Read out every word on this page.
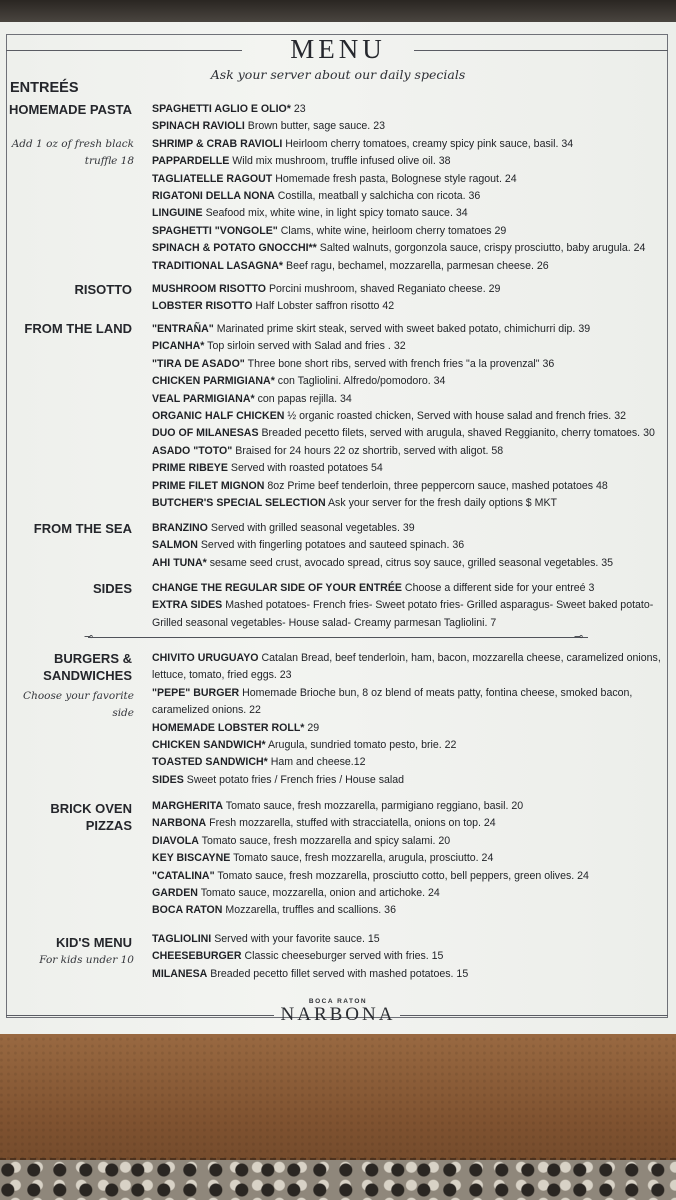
MENU
Ask your server about our daily specials
ENTREÉS
HOMEMADE PASTA
Add 1 oz of fresh black truffle 18
SPAGHETTI AGLIO E OLIO* 23
SPINACH RAVIOLI Brown butter, sage sauce. 23
SHRIMP & CRAB RAVIOLI Heirloom cherry tomatoes, creamy spicy pink sauce, basil. 34
PAPPARDELLE Wild mix mushroom, truffle infused olive oil. 38
TAGLIATELLE RAGOUT Homemade fresh pasta, Bolognese style ragout. 24
RIGATONI DELLA NONA Costilla, meatball y salchicha con ricota. 36
LINGUINE Seafood mix, white wine, in light spicy tomato sauce. 34
SPAGHETTI "VONGOLE" Clams, white wine, heirloom cherry tomatoes 29
SPINACH & POTATO GNOCCHI** Salted walnuts, gorgonzola sauce, crispy prosciutto, baby arugula. 24
TRADITIONAL LASAGNA* Beef ragu, bechamel, mozzarella, parmesan cheese. 26
RISOTTO MUSHROOM RISOTTO Porcini mushroom, shaved Reganiato cheese. 29
LOBSTER RISOTTO Half Lobster saffron risotto 42
FROM THE LAND "ENTRAÑA" Marinated prime skirt steak, served with sweet baked potato, chimichurri dip. 39
PICANHA* Top sirloin served with Salad and fries . 32
"TIRA DE ASADO" Three bone short ribs, served with french fries "a la provenzal" 36
CHICKEN PARMIGIANA* con Tagliolini. Alfredo/pomodoro. 34
VEAL PARMIGIANA* con papas rejilla. 34
ORGANIC HALF CHICKEN ½ organic roasted chicken, Served with house salad and french fries. 32
DUO OF MILANESAS Breaded pecetto filets, served with arugula, shaved Reggianito, cherry tomatoes. 30
ASADO "TOTO" Braised for 24 hours 22 oz shortrib, served with aligot. 58
PRIME RIBEYE Served with roasted potatoes 54
PRIME FILET MIGNON 8oz Prime beef tenderloin, three peppercorn sauce, mashed potatoes 48
BUTCHER'S SPECIAL SELECTION Ask your server for the fresh daily options $ MKT
FROM THE SEA BRANZINO Served with grilled seasonal vegetables. 39
SALMON Served with fingerling potatoes and sauteed spinach. 36
AHI TUNA* sesame seed crust, avocado spread, citrus soy sauce, grilled seasonal vegetables. 35
SIDES CHANGE THE REGULAR SIDE OF YOUR ENTRÉE Choose a different side for your entreé 3
EXTRA SIDES Mashed potatoes- French fries- Sweet potato fries- Grilled asparagus- Sweet baked potato- Grilled seasonal vegetables- House salad- Creamy parmesan Tagliolini. 7
⊸	⊸
BURGERS & SANDWICHES
Choose your favorite side
CHIVITO URUGUAYO Catalan Bread, beef tenderloin, ham, bacon, mozzarella cheese, caramelized onions, lettuce, tomato, fried eggs. 23
"PEPE" BURGER Homemade Brioche bun, 8 oz blend of meats patty, fontina cheese, smoked bacon, caramelized onions. 22
HOMEMADE LOBSTER ROLL* 29
CHICKEN SANDWICH* Arugula, sundried tomato pesto, brie. 22
TOASTED SANDWICH* Ham and cheese.12
SIDES Sweet potato fries / French fries / House salad
BRICK OVEN PIZZAS
MARGHERITA Tomato sauce, fresh mozzarella, parmigiano reggiano, basil. 20
NARBONA Fresh mozzarella, stuffed with stracciatella, onions on top. 24
DIAVOLA Tomato sauce, fresh mozzarella and spicy salami. 20
KEY BISCAYNE Tomato sauce, fresh mozzarella, arugula, prosciutto. 24
"CATALINA" Tomato sauce, fresh mozzarella, prosciutto cotto, bell peppers, green olives. 24
GARDEN Tomato sauce, mozzarella, onion and artichoke. 24
BOCA RATON Mozzarella, truffles and scallions. 36
KID'S MENU
For kids under 10
TAGLIOLINI Served with your favorite sauce. 15
CHEESEBURGER Classic cheeseburger served with fries. 15
MILANESA Breaded pecetto fillet served with mashed potatoes. 15
BOCA RATON
NARBONA
